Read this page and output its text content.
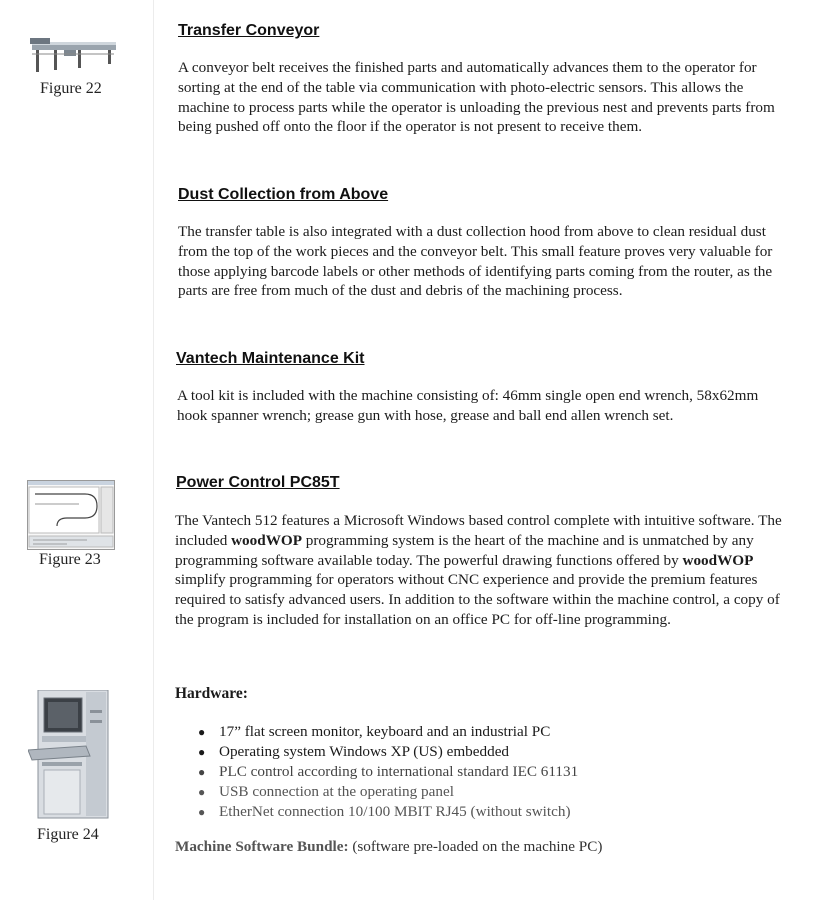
Figure 22
Figure 23
Figure 24
Transfer Conveyor
A conveyor belt receives the finished parts and automatically advances them to the operator for sorting at the end of the table via communication with photo-electric sensors. This allows the machine to process parts while the operator is unloading the previous nest and prevents parts from being pushed off onto the floor if the operator is not present to receive them.
Dust Collection from Above
The transfer table is also integrated with a dust collection hood from above to clean residual dust from the top of the work pieces and the conveyor belt. This small feature proves very valuable for those applying barcode labels or other methods of identifying parts coming from the router, as the parts are free from much of the dust and debris of the machining process.
Vantech Maintenance Kit
A tool kit is included with the machine consisting of: 46mm single open end wrench, 58x62mm hook spanner wrench; grease gun with hose, grease and ball end allen wrench set.
Power Control PC85T
The Vantech 512 features a Microsoft Windows based control complete with intuitive software. The included woodWOP programming system is the heart of the machine and is unmatched by any programming software available today. The powerful drawing functions offered by woodWOP simplify programming for operators without CNC experience and provide the premium features required to satisfy advanced users. In addition to the software within the machine control, a copy of the program is included for installation on an office PC for off-line programming.
Hardware:
● 17” flat screen monitor, keyboard and an industrial PC
● Operating system Windows XP (US) embedded
● PLC control according to international standard IEC 61131
● USB connection at the operating panel
● EtherNet connection 10/100 MBIT RJ45 (without switch)
Machine Software Bundle: (software pre-loaded on the machine PC)
